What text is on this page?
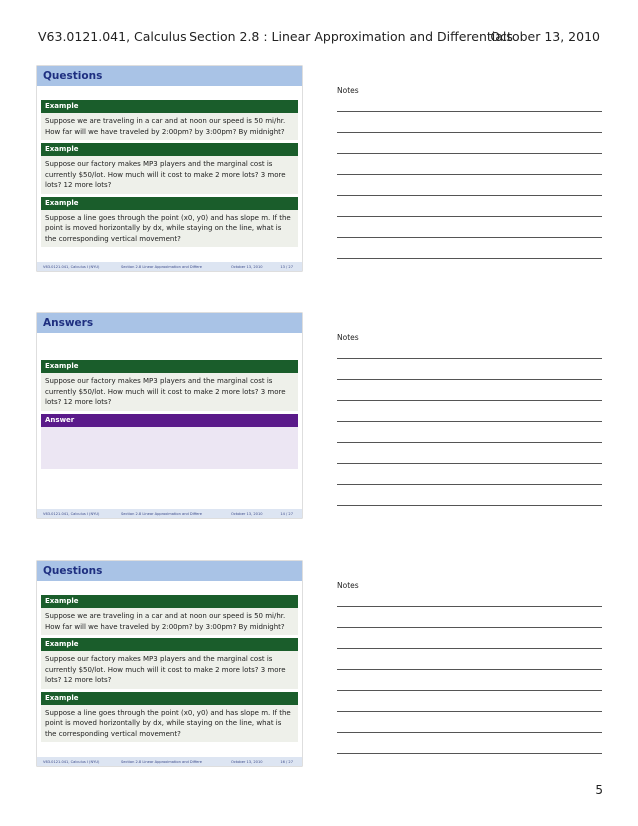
V63.0121.041, Calculus Section 2.8 : Linear Approximation and Differentials
October 13, 2010
Questions
Example
Suppose we are traveling in a car and at noon our speed is 50 mi/hr. How far will we have traveled by 2:00pm? by 3:00pm? By midnight?
Example
Suppose our factory makes MP3 players and the marginal cost is currently $50/lot. How much will it cost to make 2 more lots? 3 more lots? 12 more lots?
Example
Suppose a line goes through the point (x0, y0) and has slope m. If the point is moved horizontally by dx, while staying on the line, what is the corresponding vertical movement?
V63.0121.041, Calculus I (NYU)	Section 2.8 Linear Approximation and Differe	October 13, 2010	13 / 27
Notes
Answers
Example
Suppose our factory makes MP3 players and the marginal cost is currently $50/lot. How much will it cost to make 2 more lots? 3 more lots? 12 more lots?
Answer
V63.0121.041, Calculus I (NYU)	Section 2.8 Linear Approximation and Differe	October 13, 2010	14 / 27
Notes
Questions
Example
Suppose we are traveling in a car and at noon our speed is 50 mi/hr. How far will we have traveled by 2:00pm? by 3:00pm? By midnight?
Example
Suppose our factory makes MP3 players and the marginal cost is currently $50/lot. How much will it cost to make 2 more lots? 3 more lots? 12 more lots?
Example
Suppose a line goes through the point (x0, y0) and has slope m. If the point is moved horizontally by dx, while staying on the line, what is the corresponding vertical movement?
V63.0121.041, Calculus I (NYU)	Section 2.8 Linear Approximation and Differe	October 13, 2010	16 / 27
Notes
5
